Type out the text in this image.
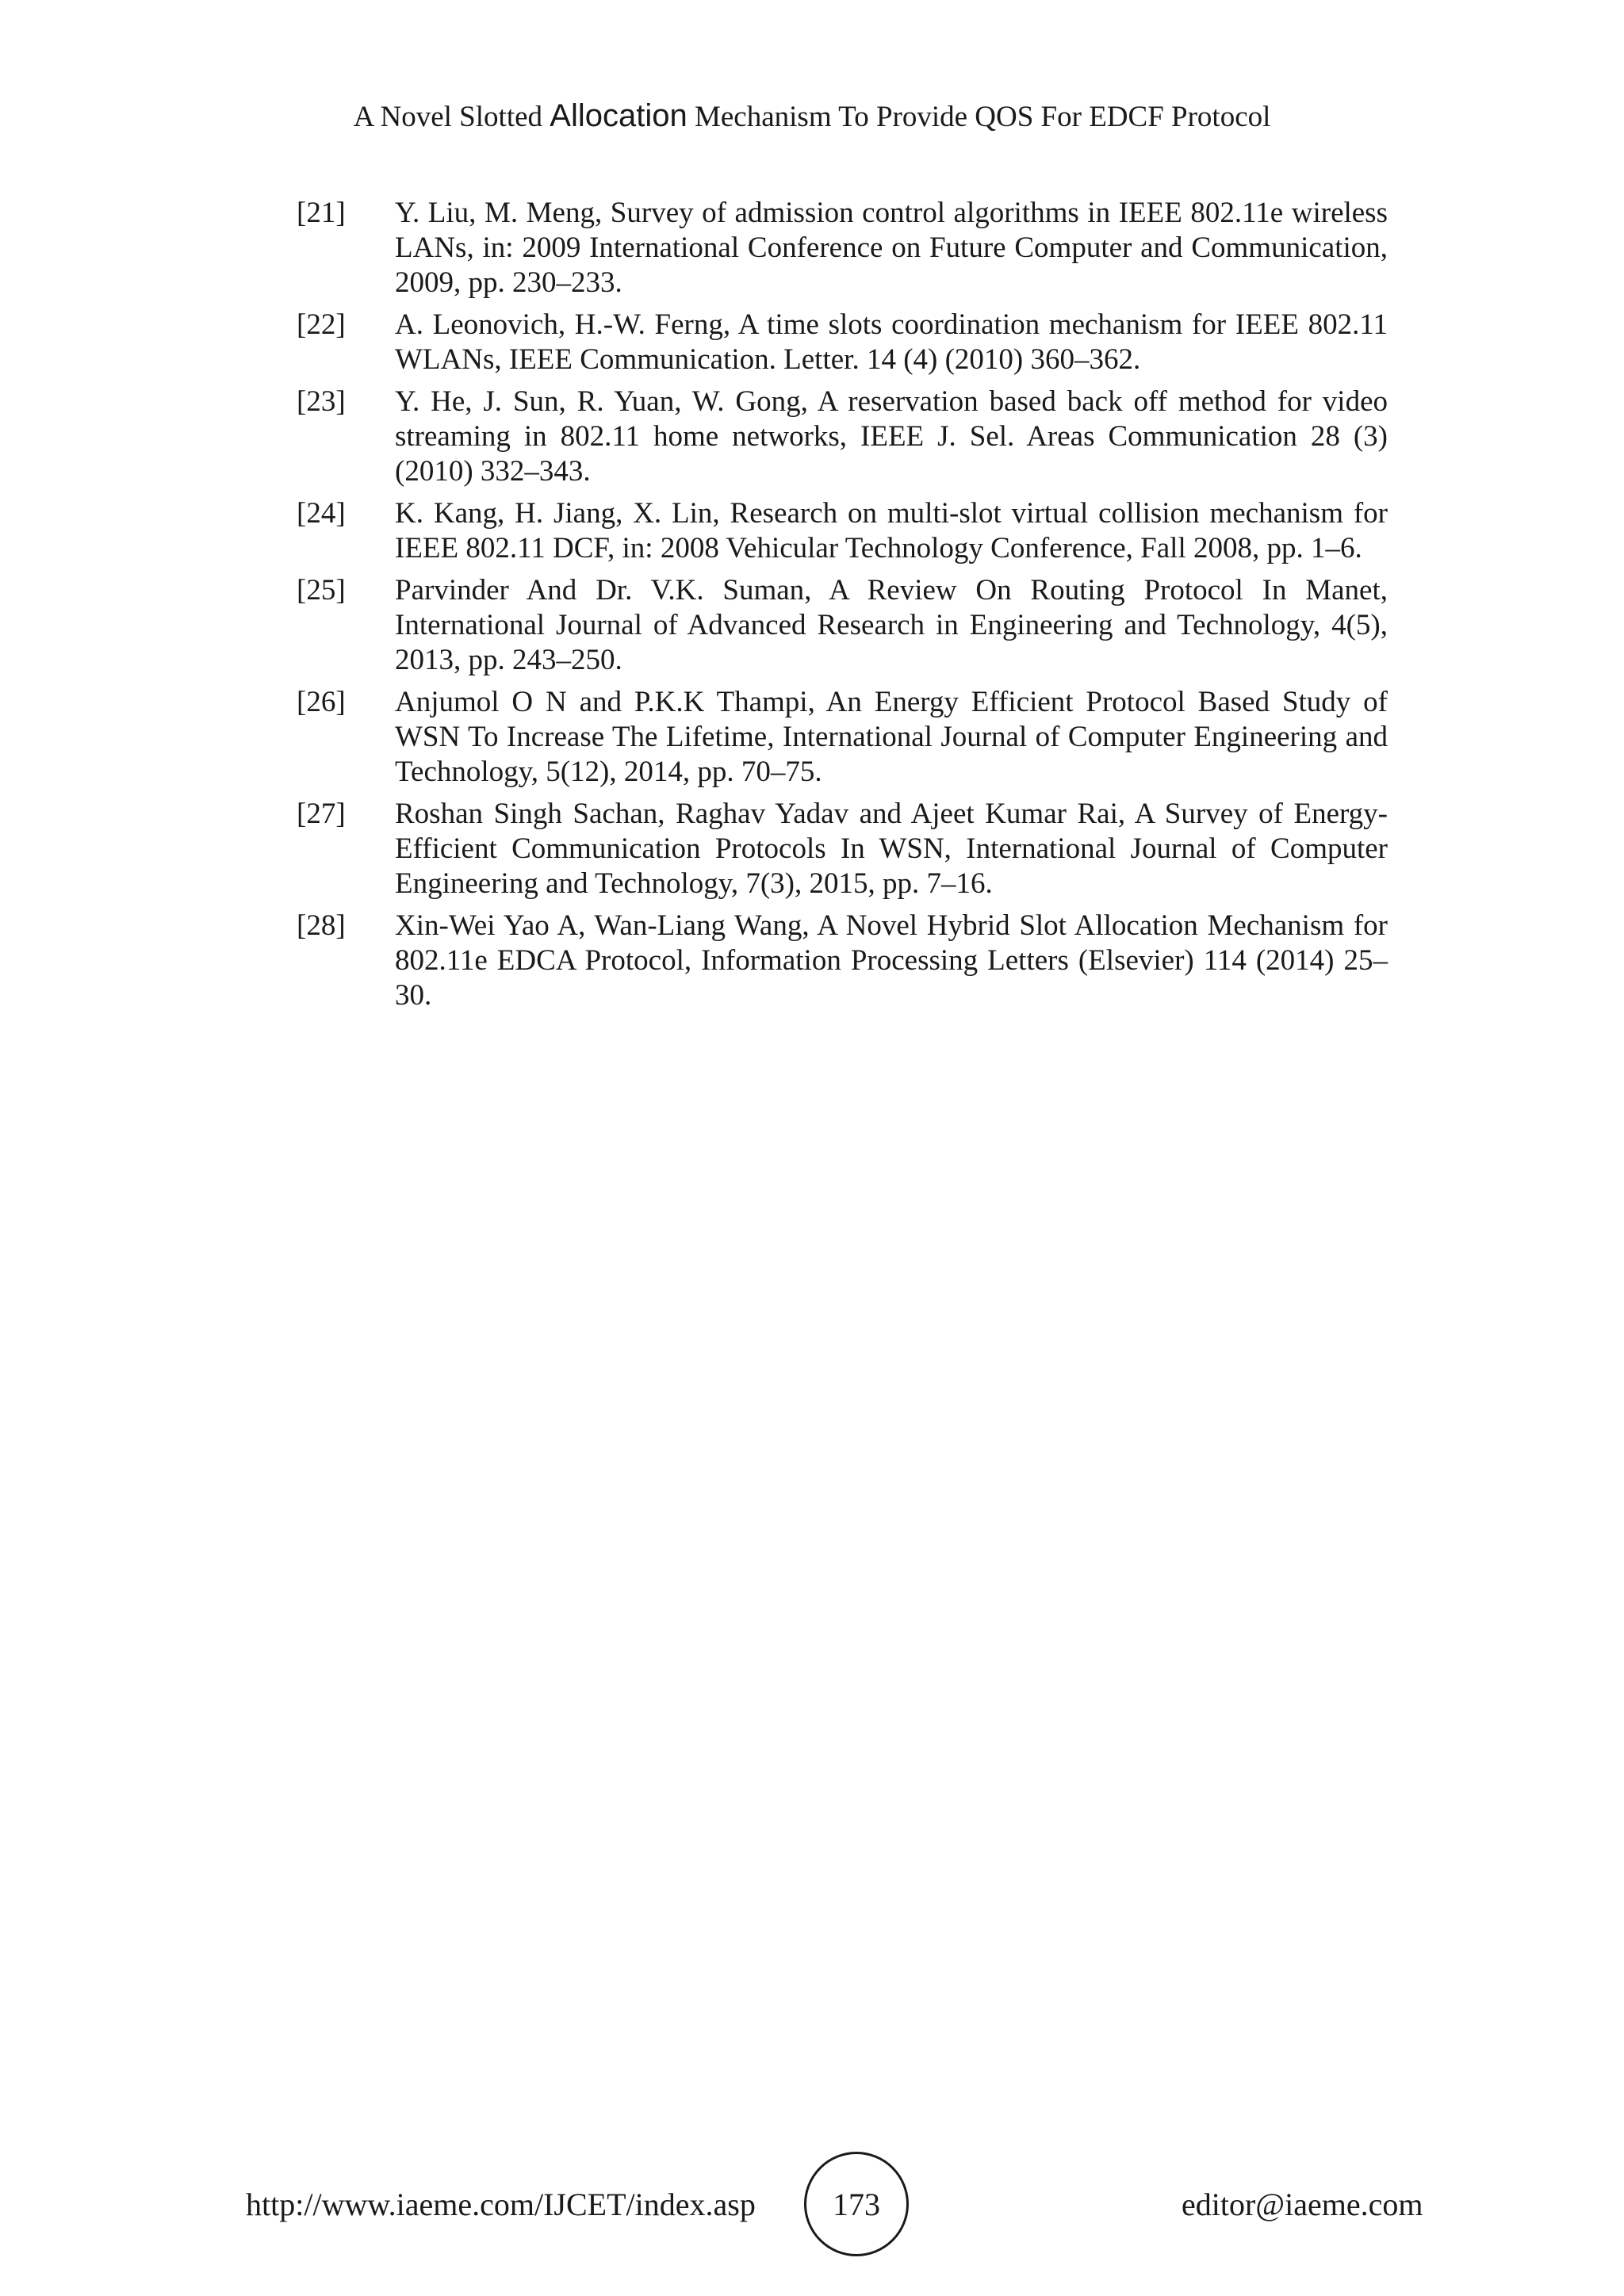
A Novel Slotted Allocation Mechanism To Provide QOS For EDCF Protocol
[21]	Y. Liu, M. Meng, Survey of admission control algorithms in IEEE 802.11e wireless LANs, in: 2009 International Conference on Future Computer and Communication, 2009, pp. 230–233.
[22]	A. Leonovich, H.-W. Ferng, A time slots coordination mechanism for IEEE 802.11 WLANs, IEEE Communication. Letter. 14 (4) (2010) 360–362.
[23]	Y. He, J. Sun, R. Yuan, W. Gong, A reservation based back off method for video streaming in 802.11 home networks, IEEE J. Sel. Areas Communication 28 (3) (2010) 332–343.
[24]	K. Kang, H. Jiang, X. Lin, Research on multi-slot virtual collision mechanism for IEEE 802.11 DCF, in: 2008 Vehicular Technology Conference, Fall 2008, pp. 1–6.
[25]	Parvinder And Dr. V.K. Suman, A Review On Routing Protocol In Manet, International Journal of Advanced Research in Engineering and Technology, 4(5), 2013, pp. 243–250.
[26]	Anjumol O N and P.K.K Thampi, An Energy Efficient Protocol Based Study of WSN To Increase The Lifetime, International Journal of Computer Engineering and Technology, 5(12), 2014, pp. 70–75.
[27]	Roshan Singh Sachan, Raghav Yadav and Ajeet Kumar Rai, A Survey of Energy-Efficient Communication Protocols In WSN, International Journal of Computer Engineering and Technology, 7(3), 2015, pp. 7–16.
[28]	Xin-Wei Yao A, Wan-Liang Wang, A Novel Hybrid Slot Allocation Mechanism for 802.11e EDCA Protocol, Information Processing Letters (Elsevier) 114 (2014) 25–30.
http://www.iaeme.com/IJCET/index.asp	173	editor@iaeme.com
